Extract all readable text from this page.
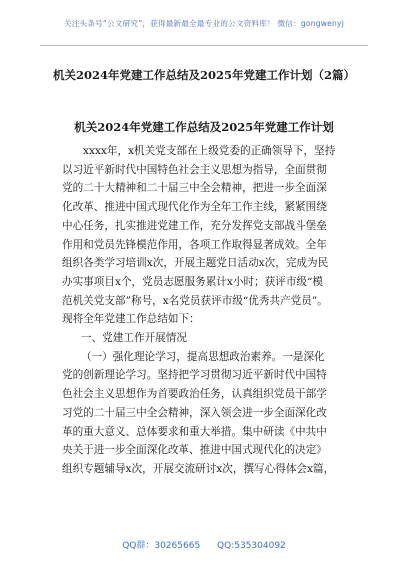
关注头条号“公文研究”，获得最新最全最专业的公文资料库！ 微信：gongwenyj
机关2024年党建工作总结及2025年党建工作计划（2篇）
机关2024年党建工作总结及2025年党建工作计划
xxxx年，x机关党支部在上级党委的正确领导下，坚持
以习近平新时代中国特色社会主义思想为指导，全面贯彻
党的二十大精神和二十届三中全会精神，把进一步全面深
化改革、推进中国式现代化作为全年工作主线，紧紧围绕
中心任务，扎实推进党建工作，充分发挥党支部战斗堡垒
作用和党员先锋模范作用，各项工作取得显著成效。全年
组织各类学习培训x次，开展主题党日活动x次，完成为民
办实事项目x个，党员志愿服务累计x小时；获评市级“模
范机关党支部”称号，x名党员获评市级“优秀共产党员”。
现将全年党建工作总结如下：
一、党建工作开展情况
（一）强化理论学习，提高思想政治素养。一是深化
党的创新理论学习。坚持把学习贯彻习近平新时代中国特
色社会主义思想作为首要政治任务，认真组织党员干部学
习党的二十届三中全会精神，深入领会进一步全面深化改
革的重大意义、总体要求和重大举措。集中研读《中共中
央关于进一步全面深化改革、推进中国式现代化的决定》
组织专题辅导x次，开展交流研讨x次，撰写心得体会x篇，
QQ群：30265665 QQ:535304092
